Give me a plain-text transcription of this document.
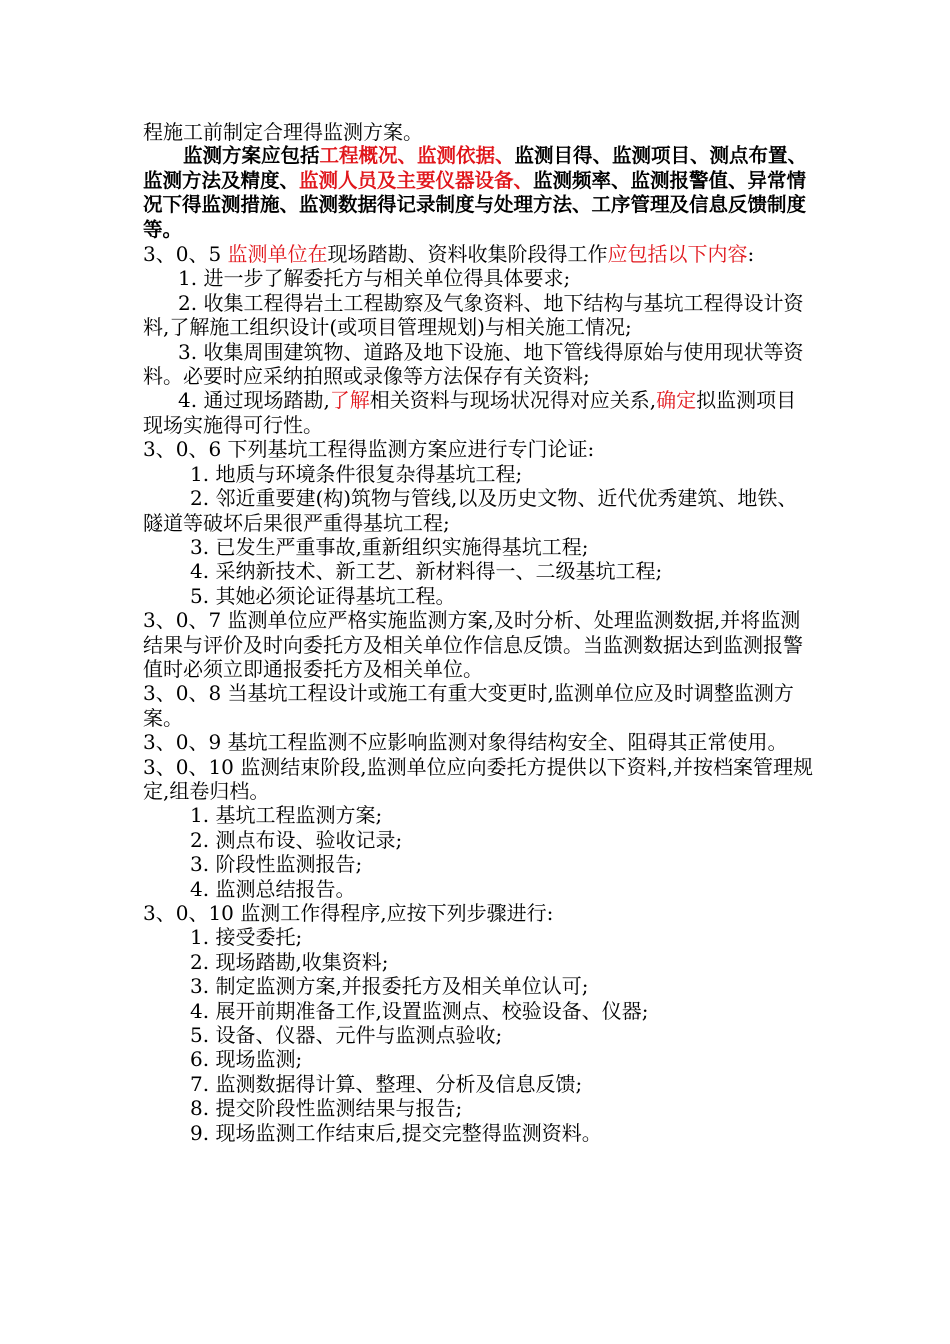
程施工前制定合理得监测方案。

监测方案应包括工程概况、监测依据、监测目得、监测项目、测点布置、监测方法及精度、监测人员及主要仪器设备、监测频率、监测报警值、异常情况下得监测措施、监测数据得记录制度与处理方法、工序管理及信息反馈制度等。

3、0、5 监测单位在现场踏勘、资料收集阶段得工作应包括以下内容:

1. 进一步了解委托方与相关单位得具体要求;

2. 收集工程得岩土工程勘察及气象资料、地下结构与基坑工程得设计资料,了解施工组织设计(或项目管理规划)与相关施工情况;

3. 收集周围建筑物、道路及地下设施、地下管线得原始与使用现状等资料。必要时应采纳拍照或录像等方法保存有关资料;

4. 通过现场踏勘,了解相关资料与现场状况得对应关系,确定拟监测项目现场实施得可行性。

3、0、6 下列基坑工程得监测方案应进行专门论证:

1. 地质与环境条件很复杂得基坑工程;

2. 邻近重要建(构)筑物与管线,以及历史文物、近代优秀建筑、地铁、隧道等破坏后果很严重得基坑工程;

3. 已发生严重事故,重新组织实施得基坑工程;

4. 采纳新技术、新工艺、新材料得一、二级基坑工程;

5. 其她必须论证得基坑工程。

3、0、7 监测单位应严格实施监测方案,及时分析、处理监测数据,并将监测结果与评价及时向委托方及相关单位作信息反馈。当监测数据达到监测报警值时必须立即通报委托方及相关单位。

3、0、8 当基坑工程设计或施工有重大变更时,监测单位应及时调整监测方案。

3、0、9 基坑工程监测不应影响监测对象得结构安全、阻碍其正常使用。

3、0、10 监测结束阶段,监测单位应向委托方提供以下资料,并按档案管理规定,组卷归档。

1. 基坑工程监测方案;

2. 测点布设、验收记录;

3. 阶段性监测报告;

4. 监测总结报告。

3、0、10 监测工作得程序,应按下列步骤进行:

1. 接受委托;

2. 现场踏勘,收集资料;

3. 制定监测方案,并报委托方及相关单位认可;

4. 展开前期准备工作,设置监测点、校验设备、仪器;

5. 设备、仪器、元件与监测点验收;

6. 现场监测;

7. 监测数据得计算、整理、分析及信息反馈;

8. 提交阶段性监测结果与报告;

9. 现场监测工作结束后,提交完整得监测资料。
